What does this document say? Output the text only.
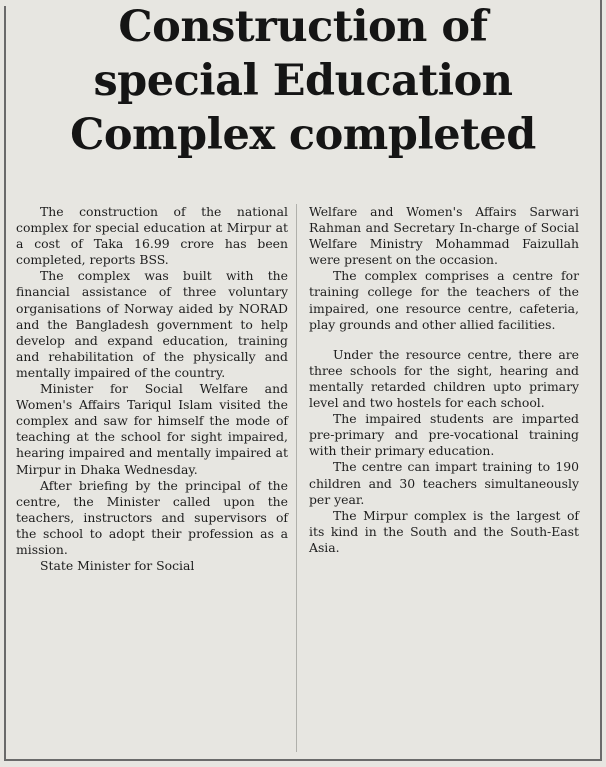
Construction of
special Education
Complex completed

The construction of the national complex for special education at Mirpur at a cost of Taka 16.99 crore has been completed, reports BSS.

The complex was built with the financial assistance of three voluntary organisations of Norway aided by NORAD and the Bangladesh government to help develop and expand education, training and rehabilitation of the physically and mentally impaired of the country.

Minister for Social Welfare and Women's Affairs Tariqul Islam visited the complex and saw for himself the mode of teaching at the school for sight impaired, hearing impaired and mentally impaired at Mirpur in Dhaka Wednesday.

After briefing by the principal of the centre, the Minister called upon the teachers, instructors and supervisors of the school to adopt their profession as a mission.

State Minister for Social

Welfare and Women's Affairs Sarwari Rahman and Secretary In-charge of Social Welfare Ministry Mohammad Faizullah were present on the occasion.

The complex comprises a centre for training college for the teachers of the impaired, one resource centre, cafeteria, play grounds and other allied facilities.

Under the resource centre, there are three schools for the sight, hearing and mentally retarded children upto primary level and two hostels for each school.

The impaired students are imparted pre-primary and pre-vocational training with their primary education.

The centre can impart training to 190 children and 30 teachers simultaneously per year.

The Mirpur complex is the largest of its kind in the South and the South-East Asia.
